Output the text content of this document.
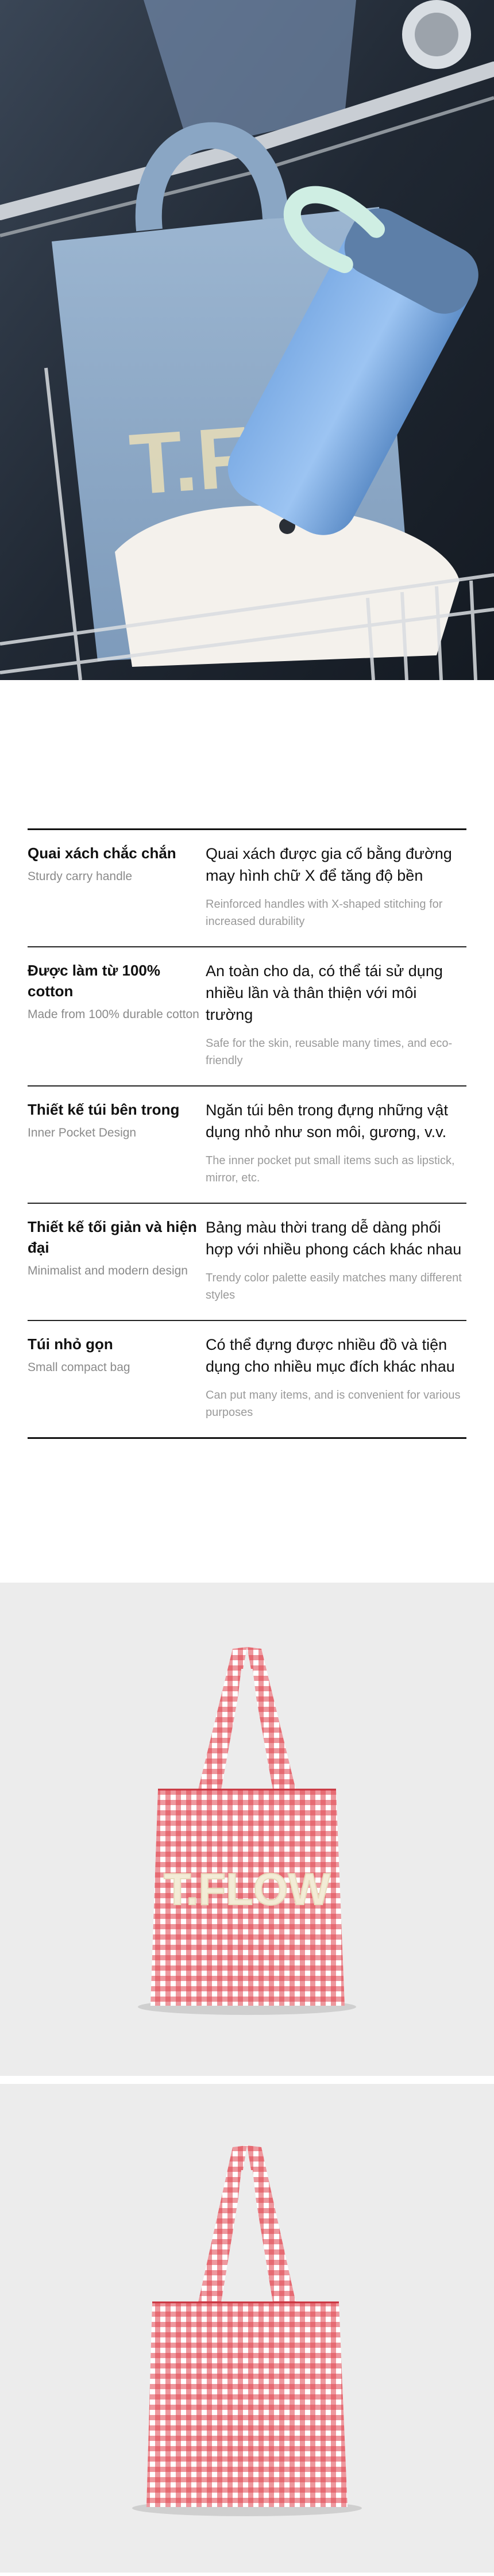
Quai xách chắc chắn
Sturdy carry handle
Quai xách được gia cố bằng đường may hình chữ X để tăng độ bền
Reinforced handles with X-shaped stitching for increased durability
Được làm từ 100% cotton
Made from 100% durable cotton
An toàn cho da, có thể tái sử dụng nhiều lần và thân thiện với môi trường
Safe for the skin, reusable many times, and eco-friendly
Thiết kế túi bên trong
Inner Pocket Design
Ngăn túi bên trong đựng những vật dụng nhỏ như son môi, gương, v.v.
The inner pocket put small items such as lipstick, mirror, etc.
Thiết kế tối giản và hiện đại
Minimalist and modern design
Bảng màu thời trang dễ dàng phối hợp với nhiều phong cách khác nhau
Trendy color palette easily matches many different styles
Túi nhỏ gọn
Small compact bag
Có thể đựng được nhiều đồ và tiện dụng cho nhiều mục đích khác nhau
Can put many items, and is convenient for various purposes
T.FLOW
